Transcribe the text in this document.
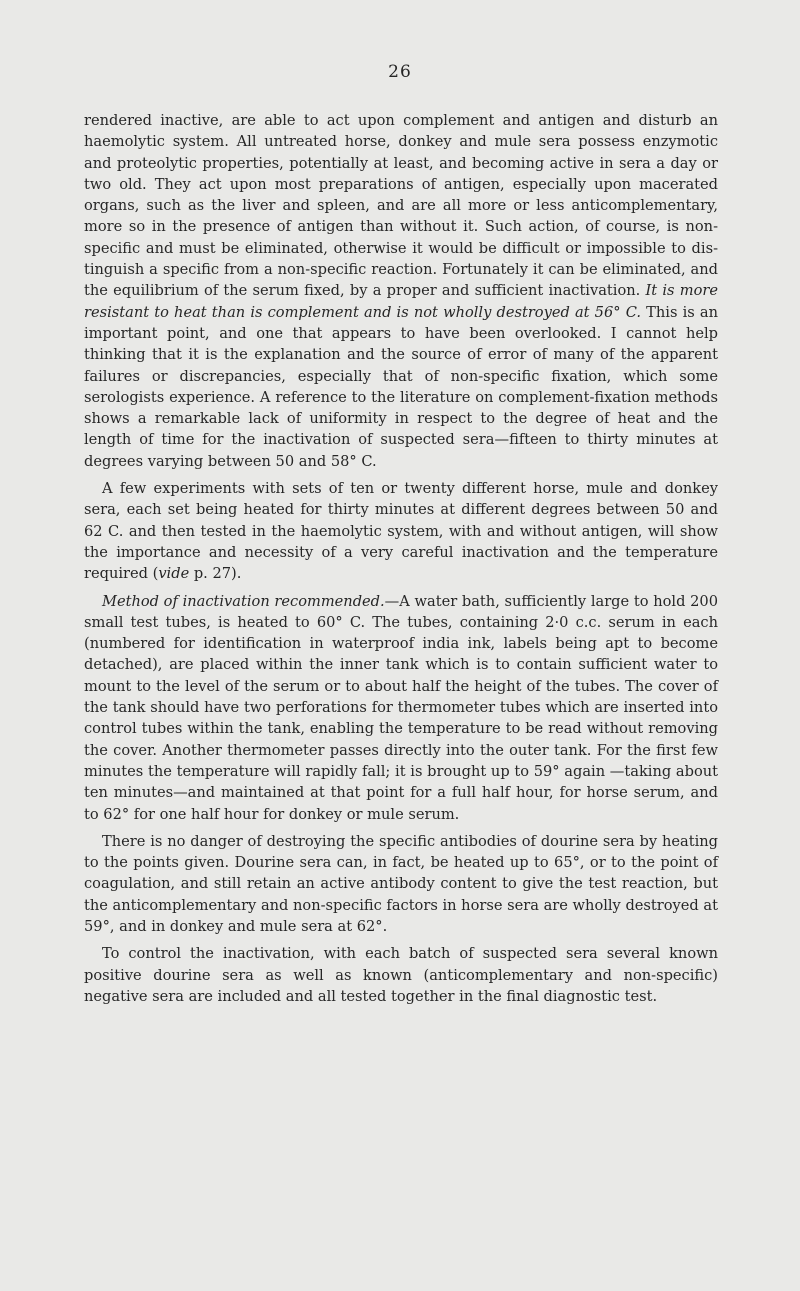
26

rendered inactive, are able to act upon complement and antigen and disturb an haemolytic system. All untreated horse, donkey and mule sera possess enzymotic and proteolytic properties, potentially at least, and becoming active in sera a day or two old. They act upon most preparations of antigen, especially upon macerated organs, such as the liver and spleen, and are all more or less anticomplementary, more so in the presence of antigen than without it. Such action, of course, is non-specific and must be eliminated, otherwise it would be difficult or impossible to distinguish a specific from a non-specific reaction. Fortunately it can be eliminated, and the equilibrium of the serum fixed, by a proper and sufficient inactivation. It is more resistant to heat than is complement and is not wholly destroyed at 56° C. This is an important point, and one that appears to have been overlooked. I cannot help thinking that it is the explanation and the source of error of many of the apparent failures or discrepancies, especially that of non-specific fixation, which some serologists experience. A reference to the literature on complement-fixation methods shows a remarkable lack of uniformity in respect to the degree of heat and the length of time for the inactivation of suspected sera—fifteen to thirty minutes at degrees varying between 50 and 58° C.

A few experiments with sets of ten or twenty different horse, mule and donkey sera, each set being heated for thirty minutes at different degrees between 50 and 62 C. and then tested in the haemolytic system, with and without antigen, will show the importance and necessity of a very careful inactivation and the temperature required (vide p. 27).

Method of inactivation recommended.—A water bath, sufficiently large to hold 200 small test tubes, is heated to 60° C. The tubes, containing 2·0 c.c. serum in each (numbered for identification in waterproof india ink, labels being apt to become detached), are placed within the inner tank which is to contain sufficient water to mount to the level of the serum or to about half the height of the tubes. The cover of the tank should have two perforations for thermometer tubes which are inserted into control tubes within the tank, enabling the temperature to be read without removing the cover. Another thermometer passes directly into the outer tank. For the first few minutes the temperature will rapidly fall; it is brought up to 59° again —taking about ten minutes—and maintained at that point for a full half hour, for horse serum, and to 62° for one half hour for donkey or mule serum.

There is no danger of destroying the specific antibodies of dourine sera by heating to the points given. Dourine sera can, in fact, be heated up to 65°, or to the point of coagulation, and still retain an active antibody content to give the test reaction, but the anticomplementary and non-specific factors in horse sera are wholly destroyed at 59°, and in donkey and mule sera at 62°.

To control the inactivation, with each batch of suspected sera several known positive dourine sera as well as known (anticomplementary and non-specific) negative sera are included and all tested together in the final diagnostic test.
